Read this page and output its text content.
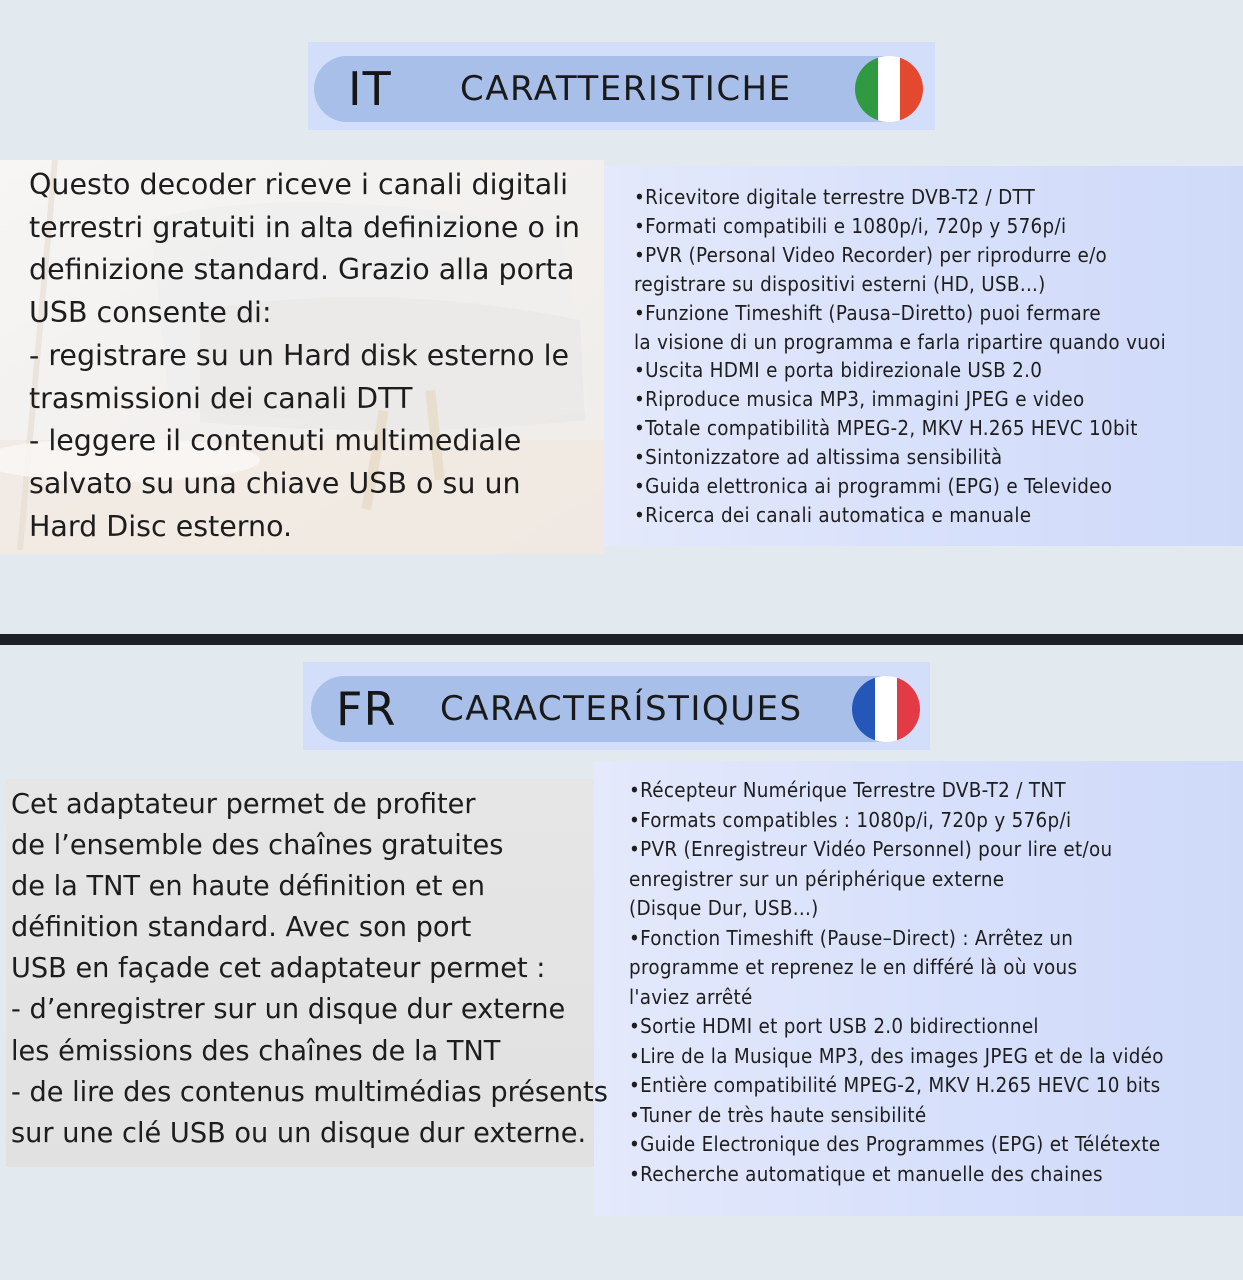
IT CARATTERISTICHE
Questo decoder riceve i canali digitali
terrestri gratuiti in alta definizione o in
definizione standard. Grazio alla porta
USB consente di:
- registrare su un Hard disk esterno le
trasmissioni dei canali DTT
- leggere il contenuti multimediale
salvato su una chiave USB o su un
Hard Disc esterno.
•Ricevitore digitale terrestre DVB-T2 / DTT
•Formati compatibili e 1080p/i, 720p y 576p/i
•PVR (Personal Video Recorder) per riprodurre e/o
registrare su dispositivi esterni (HD, USB...)
•Funzione Timeshift (Pausa–Diretto) puoi fermare
la visione di un programma e farla ripartire quando vuoi
•Uscita HDMI e porta bidirezionale USB 2.0
•Riproduce musica MP3, immagini JPEG e video
•Totale compatibilità MPEG-2, MKV H.265 HEVC 10bit
•Sintonizzatore ad altissima sensibilità
•Guida elettronica ai programmi (EPG) e Televideo
•Ricerca dei canali automatica e manuale
FR CARACTERÍSTIQUES
Cet adaptateur permet de profiter
de l’ensemble des chaînes gratuites
de la TNT en haute définition et en
définition standard. Avec son port
USB en façade cet adaptateur permet :
- d’enregistrer sur un disque dur externe
les émissions des chaînes de la TNT
- de lire des contenus multimédias présents
sur une clé USB ou un disque dur externe.
•Récepteur Numérique Terrestre DVB-T2 / TNT
•Formats compatibles : 1080p/i, 720p y 576p/i
•PVR (Enregistreur Vidéo Personnel) pour lire et/ou
enregistrer sur un périphérique externe
(Disque Dur, USB...)
•Fonction Timeshift (Pause–Direct) : Arrêtez un
programme et reprenez le en différé là où vous
l'aviez arrêté
•Sortie HDMI et port USB 2.0 bidirectionnel
•Lire de la Musique MP3, des images JPEG et de la vidéo
•Entière compatibilité MPEG-2, MKV H.265 HEVC 10 bits
•Tuner de très haute sensibilité
•Guide Electronique des Programmes (EPG) et Télétexte
•Recherche automatique et manuelle des chaines
